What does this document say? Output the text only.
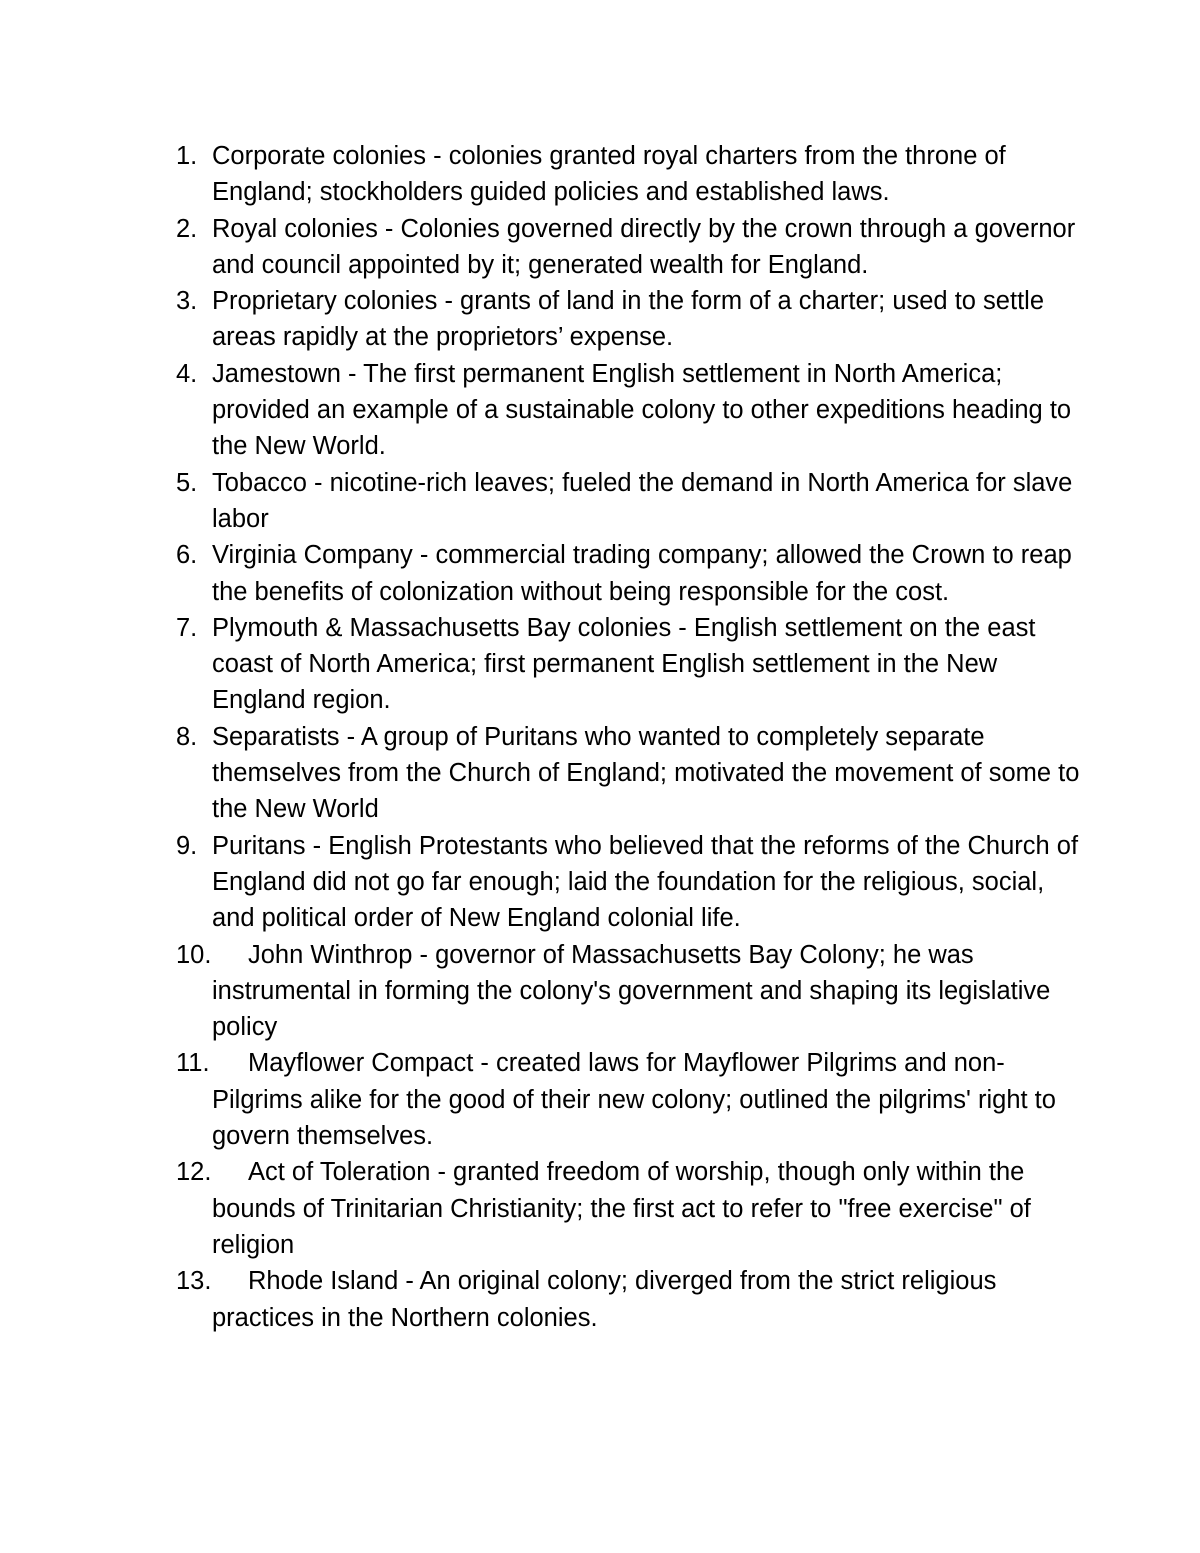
1. Corporate colonies - colonies granted royal charters from the throne of England; stockholders guided policies and established laws.
2. Royal colonies - Colonies governed directly by the crown through a governor and council appointed by it; generated wealth for England.
3. Proprietary colonies - grants of land in the form of a charter; used to settle areas rapidly at the proprietors’ expense.
4. Jamestown - The first permanent English settlement in North America; provided an example of a sustainable colony to other expeditions heading to the New World.
5. Tobacco - nicotine-rich leaves; fueled the demand in North America for slave labor
6. Virginia Company - commercial trading company; allowed the Crown to reap the benefits of colonization without being responsible for the cost.
7. Plymouth & Massachusetts Bay colonies - English settlement on the east coast of North America; first permanent English settlement in the New England region.
8. Separatists - A group of Puritans who wanted to completely separate themselves from the Church of England; motivated the movement of some to the New World
9. Puritans - English Protestants who believed that the reforms of the Church of England did not go far enough; laid the foundation for the religious, social, and political order of New England colonial life.
10.	John Winthrop - governor of Massachusetts Bay Colony; he was instrumental in forming the colony's government and shaping its legislative policy
11.	Mayflower Compact - created laws for Mayflower Pilgrims and non-Pilgrims alike for the good of their new colony; outlined the pilgrims' right to govern themselves.
12.	Act of Toleration - granted freedom of worship, though only within the bounds of Trinitarian Christianity; the first act to refer to "free exercise" of religion
13.	Rhode Island - An original colony; diverged from the strict religious practices in the Northern colonies.
